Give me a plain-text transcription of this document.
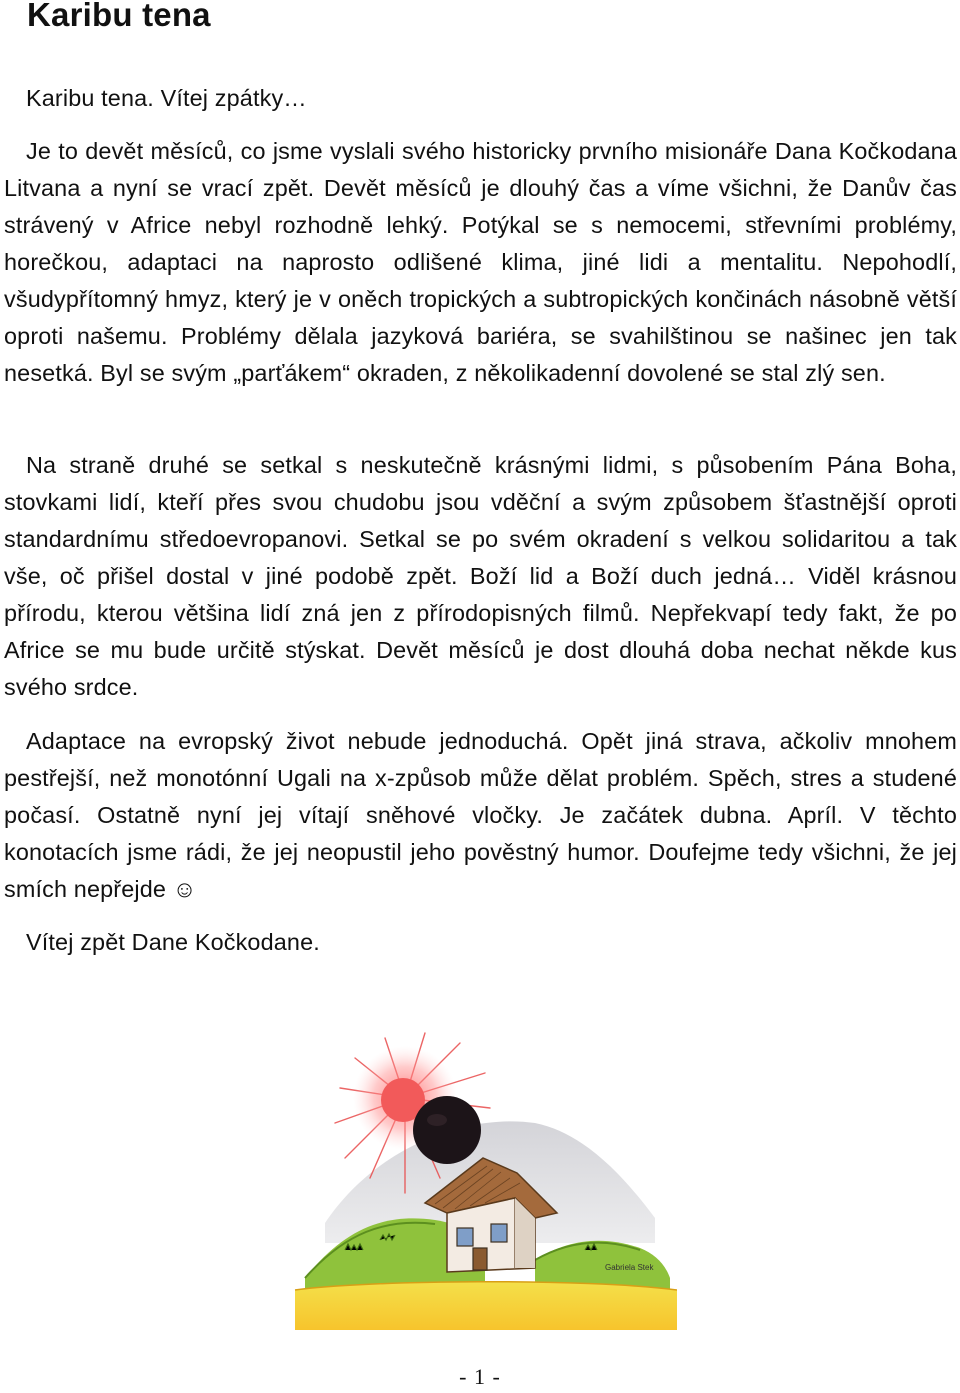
Karibu tena

Karibu tena. Vítej zpátky…

Je to devět měsíců, co jsme vyslali svého historicky prvního misionáře Dana Kočkodana Litvana a nyní se vrací zpět. Devět měsíců je dlouhý čas a víme všichni, že Danův čas strávený v Africe nebyl rozhodně lehký. Potýkal se s nemocemi, střevními problémy, horečkou, adaptaci na naprosto odlišené klima, jiné lidi a mentalitu. Nepohodlí, všudypřítomný hmyz, který je v oněch tropických a subtropických končinách násobně větší oproti našemu. Problémy dělala jazyková bariéra, se svahilštinou se našinec jen tak nesetká. Byl se svým „parťákem“ okraden, z několikadenní dovolené se stal zlý sen.

Na straně druhé se setkal s neskutečně krásnými lidmi, s působením Pána Boha, stovkami lidí, kteří přes svou chudobu jsou vděční a svým způsobem šťastnější oproti standardnímu středoevropanovi. Setkal se po svém okradení s velkou solidaritou a tak vše, oč přišel dostal v jiné podobě zpět. Boží lid a Boží duch jedná… Viděl krásnou přírodu, kterou většina lidí zná jen z přírodopisných filmů. Nepřekvapí tedy fakt, že po Africe se mu bude určitě stýskat. Devět měsíců je dost dlouhá doba nechat někde kus svého srdce.

Adaptace na evropský život nebude jednoduchá. Opět jiná strava, ačkoliv mnohem pestřejší, než monotónní Ugali na x-způsob může dělat problém. Spěch, stres a studené počasí. Ostatně nyní jej vítají sněhové vločky. Je začátek dubna. Apríl. V těchto konotacích jsme rádi, že jej neopustil jeho pověstný humor. Doufejme tedy všichni, že jej smích nepřejde ☺

Vítej zpět Dane Kočkodane.

Gabriela Stek

- 1 -
